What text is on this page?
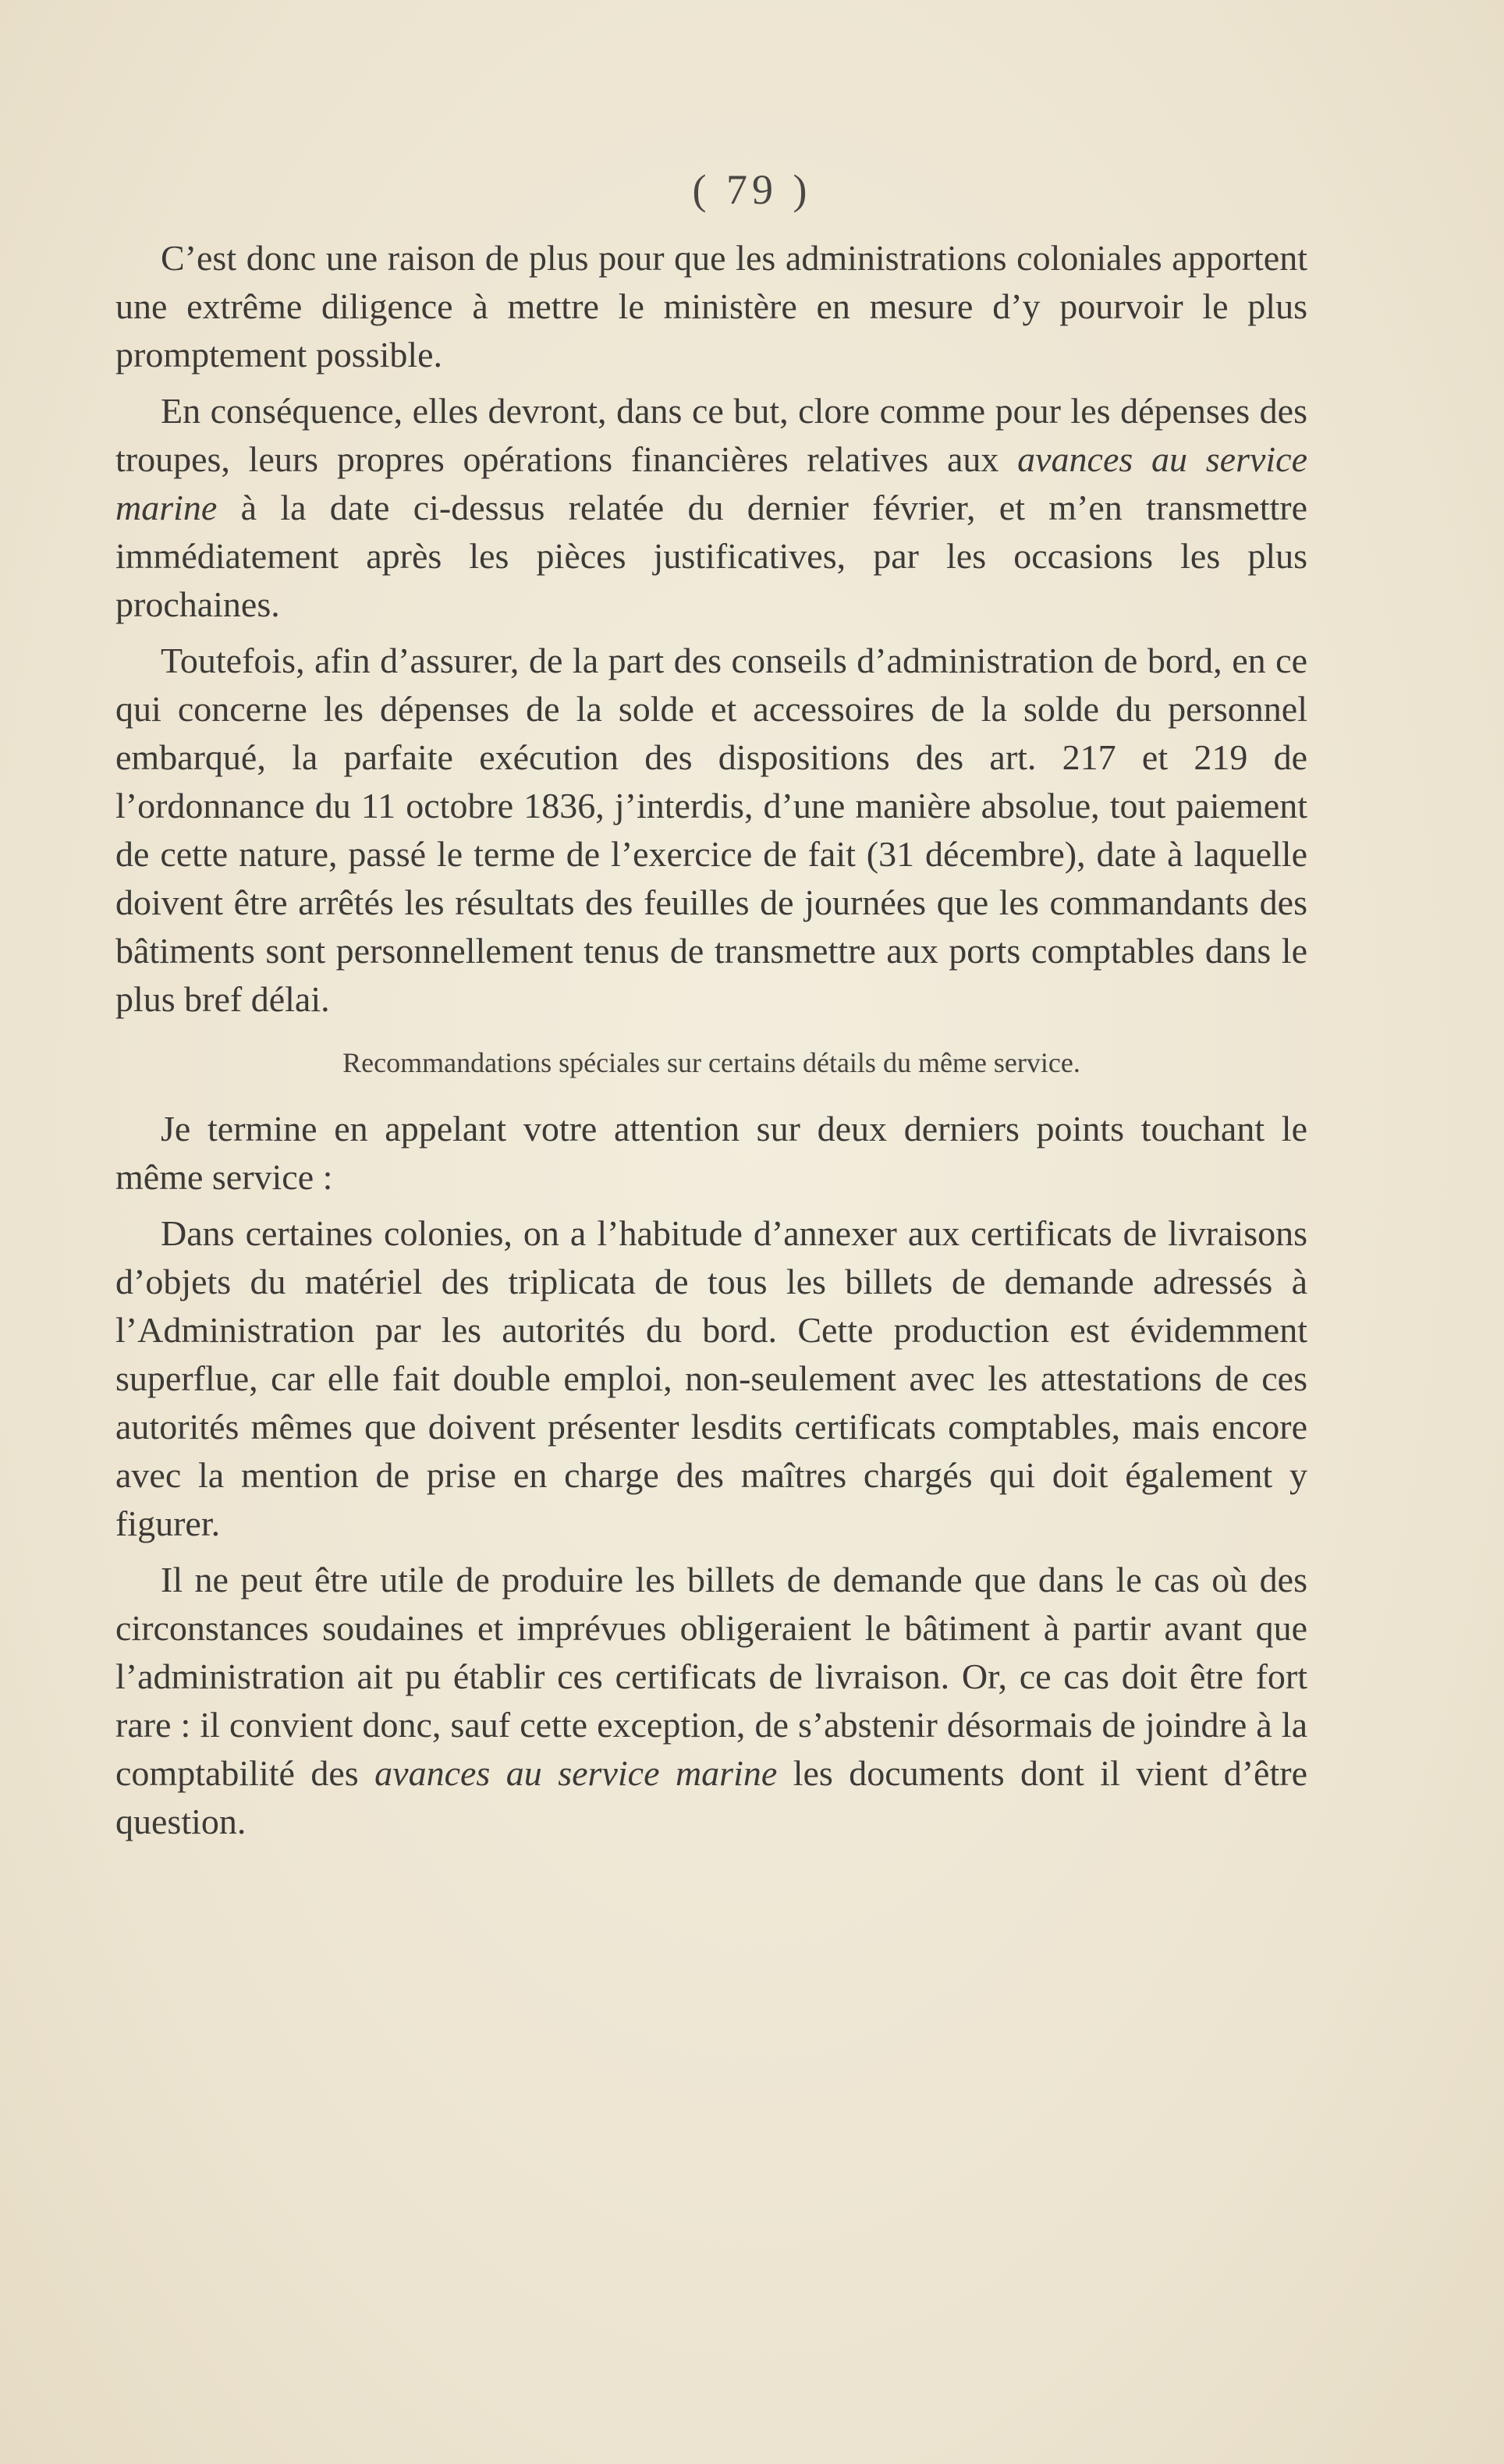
( 79 )

C’est donc une raison de plus pour que les administrations coloniales apportent une extrême diligence à mettre le ministère en mesure d’y pourvoir le plus promptement possible.

En conséquence, elles devront, dans ce but, clore comme pour les dépenses des troupes, leurs propres opérations financières relatives aux avances au service marine à la date ci-dessus relatée du dernier février, et m’en transmettre immédiatement après les pièces justificatives, par les occasions les plus prochaines.

Toutefois, afin d’assurer, de la part des conseils d’administration de bord, en ce qui concerne les dépenses de la solde et accessoires de la solde du personnel embarqué, la parfaite exécution des dispositions des art. 217 et 219 de l’ordonnance du 11 octobre 1836, j’interdis, d’une manière absolue, tout paiement de cette nature, passé le terme de l’exercice de fait (31 décembre), date à laquelle doivent être arrêtés les résultats des feuilles de journées que les commandants des bâtiments sont personnellement tenus de transmettre aux ports comptables dans le plus bref délai.

Recommandations spéciales sur certains détails du même service.

Je termine en appelant votre attention sur deux derniers points touchant le même service :

Dans certaines colonies, on a l’habitude d’annexer aux certificats de livraisons d’objets du matériel des triplicata de tous les billets de demande adressés à l’Administration par les autorités du bord. Cette production est évidemment superflue, car elle fait double emploi, non-seulement avec les attestations de ces autorités mêmes que doivent présenter lesdits certificats comptables, mais encore avec la mention de prise en charge des maîtres chargés qui doit également y figurer.

Il ne peut être utile de produire les billets de demande que dans le cas où des circonstances soudaines et imprévues obligeraient le bâtiment à partir avant que l’administration ait pu établir ces certificats de livraison. Or, ce cas doit être fort rare : il convient donc, sauf cette exception, de s’abstenir désormais de joindre à la comptabilité des avances au service marine les documents dont il vient d’être question.
